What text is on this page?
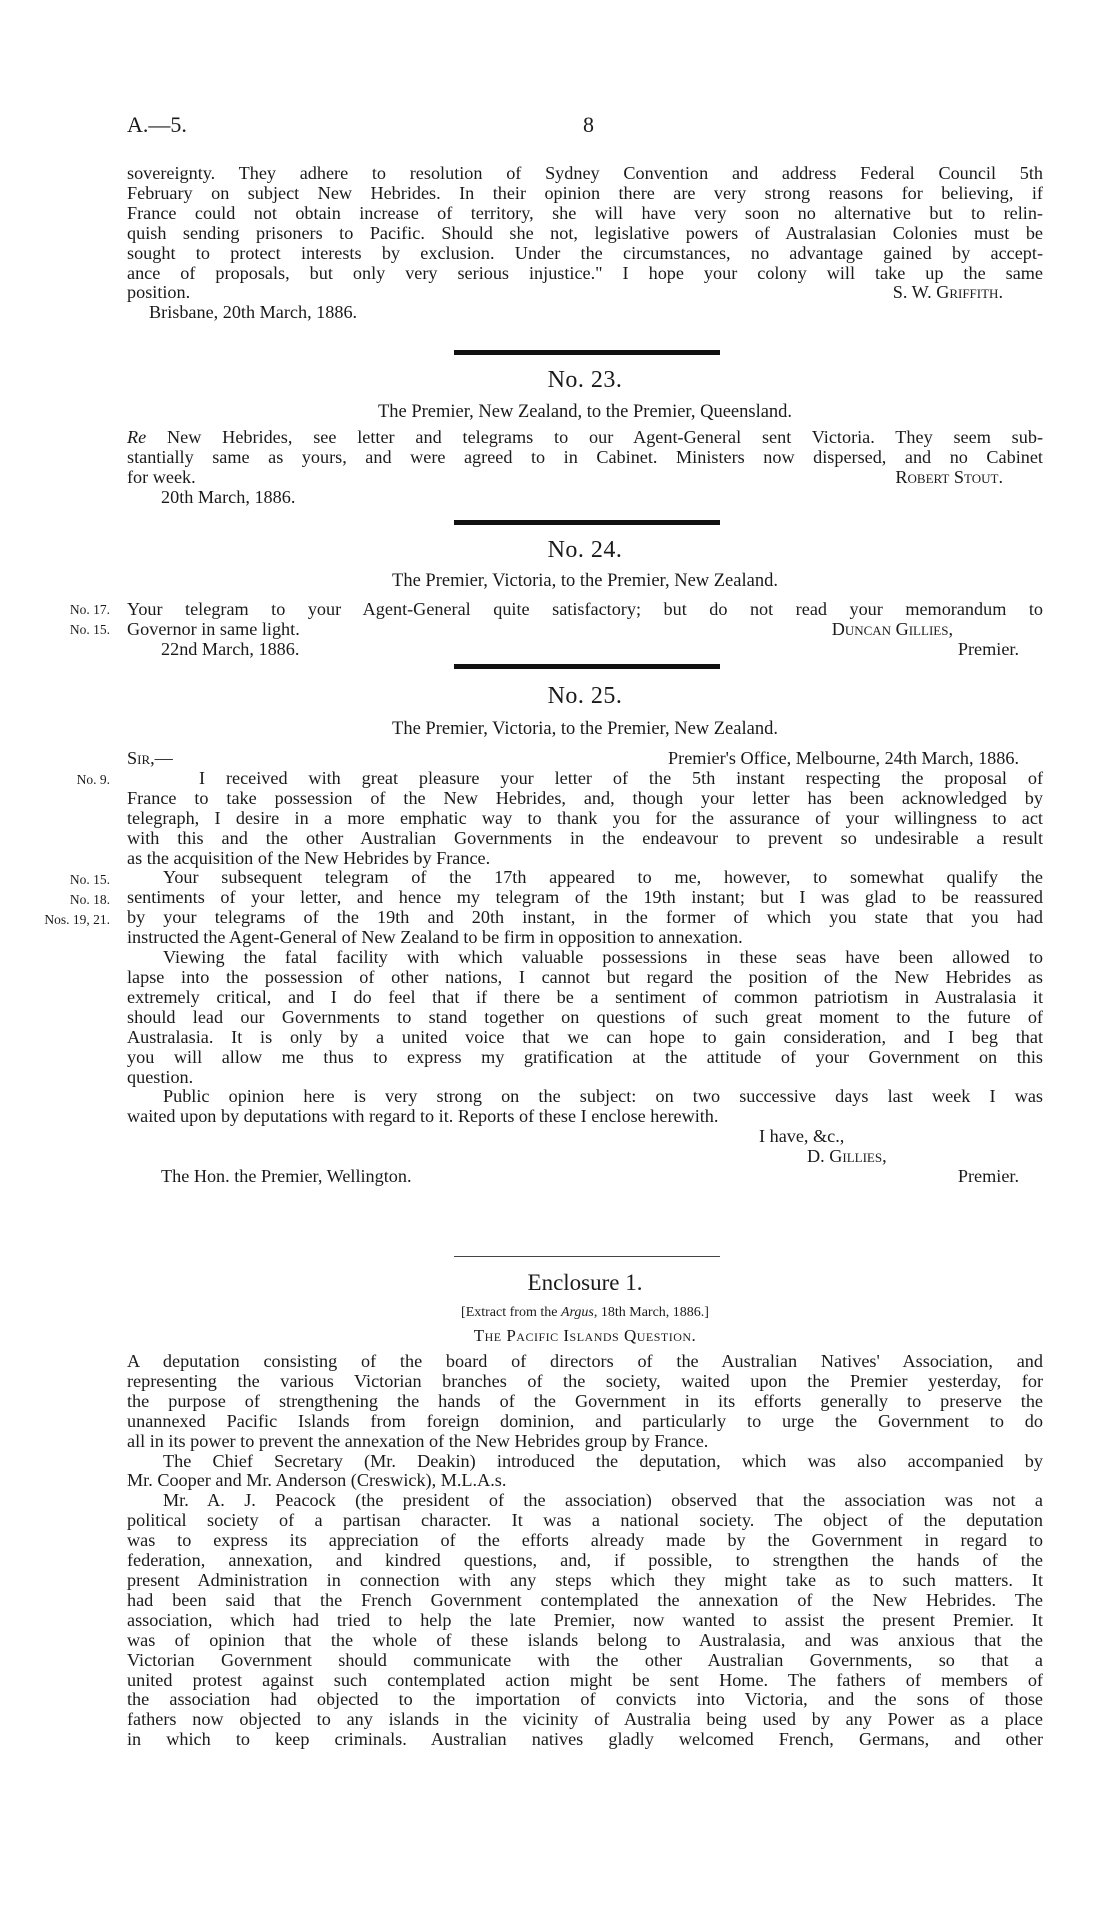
A.—5.	8

sovereignty. They adhere to resolution of Sydney Convention and address Federal Council 5th

February on subject New Hebrides. In their opinion there are very strong reasons for believing, if

France could not obtain increase of territory, she will have very soon no alternative but to relin-

quish sending prisoners to Pacific. Should she not, legislative powers of Australasian Colonies must be

sought to protect interests by exclusion. Under the circumstances, no advantage gained by accept-

ance of proposals, but only very serious injustice." I hope your colony will take up the same

position.	S. W. Griffith.

Brisbane, 20th March, 1886.

No. 23.
The Premier, New Zealand, to the Premier, Queensland.

Re New Hebrides, see letter and telegrams to our Agent-General sent Victoria. They seem sub-

stantially same as yours, and were agreed to in Cabinet. Ministers now dispersed, and no Cabinet

for week.	Robert Stout.

20th March, 1886.

No. 24.
The Premier, Victoria, to the Premier, New Zealand.
No. 17.
No. 15.

Your telegram to your Agent-General quite satisfactory; but do not read your memorandum to

Governor in same light.	Duncan Gillies,
22nd March, 1886.	Premier.
No. 25.
The Premier, Victoria, to the Premier, New Zealand.
No. 9.
No. 15.
No. 18.
Nos. 19, 21.
Sir,—	Premier's Office, Melbourne, 24th March, 1886.

I received with great pleasure your letter of the 5th instant respecting the proposal of

France to take possession of the New Hebrides, and, though your letter has been acknowledged by

telegraph, I desire in a more emphatic way to thank you for the assurance of your willingness to act

with this and the other Australian Governments in the endeavour to prevent so undesirable a result

as the acquisition of the New Hebrides by France.

Your subsequent telegram of the 17th appeared to me, however, to somewhat qualify the

sentiments of your letter, and hence my telegram of the 19th instant; but I was glad to be reassured

by your telegrams of the 19th and 20th instant, in the former of which you state that you had

instructed the Agent-General of New Zealand to be firm in opposition to annexation.

Viewing the fatal facility with which valuable possessions in these seas have been allowed to

lapse into the possession of other nations, I cannot but regard the position of the New Hebrides as

extremely critical, and I do feel that if there be a sentiment of common patriotism in Australasia it

should lead our Governments to stand together on questions of such great moment to the future of

Australasia. It is only by a united voice that we can hope to gain consideration, and I beg that

you will allow me thus to express my gratification at the attitude of your Government on this

question.

Public opinion here is very strong on the subject: on two successive days last week I was

waited upon by deputations with regard to it. Reports of these I enclose herewith.

I have, &c.,

D. Gillies,

The Hon. the Premier, Wellington.	Premier.
Enclosure 1.
[Extract from the Argus, 18th March, 1886.]
The Pacific Islands Question.

A deputation consisting of the board of directors of the Australian Natives' Association, and

representing the various Victorian branches of the society, waited upon the Premier yesterday, for

the purpose of strengthening the hands of the Government in its efforts generally to preserve the

unannexed Pacific Islands from foreign dominion, and particularly to urge the Government to do

all in its power to prevent the annexation of the New Hebrides group by France.

The Chief Secretary (Mr. Deakin) introduced the deputation, which was also accompanied by

Mr. Cooper and Mr. Anderson (Creswick), M.L.A.s.

Mr. A. J. Peacock (the president of the association) observed that the association was not a

political society of a partisan character. It was a national society. The object of the deputation

was to express its appreciation of the efforts already made by the Government in regard to

federation, annexation, and kindred questions, and, if possible, to strengthen the hands of the

present Administration in connection with any steps which they might take as to such matters. It

had been said that the French Government contemplated the annexation of the New Hebrides. The

association, which had tried to help the late Premier, now wanted to assist the present Premier. It

was of opinion that the whole of these islands belong to Australasia, and was anxious that the

Victorian Government should communicate with the other Australian Governments, so that a

united protest against such contemplated action might be sent Home. The fathers of members of

the association had objected to the importation of convicts into Victoria, and the sons of those

fathers now objected to any islands in the vicinity of Australia being used by any Power as a place

in which to keep criminals. Australian natives gladly welcomed French, Germans, and other
